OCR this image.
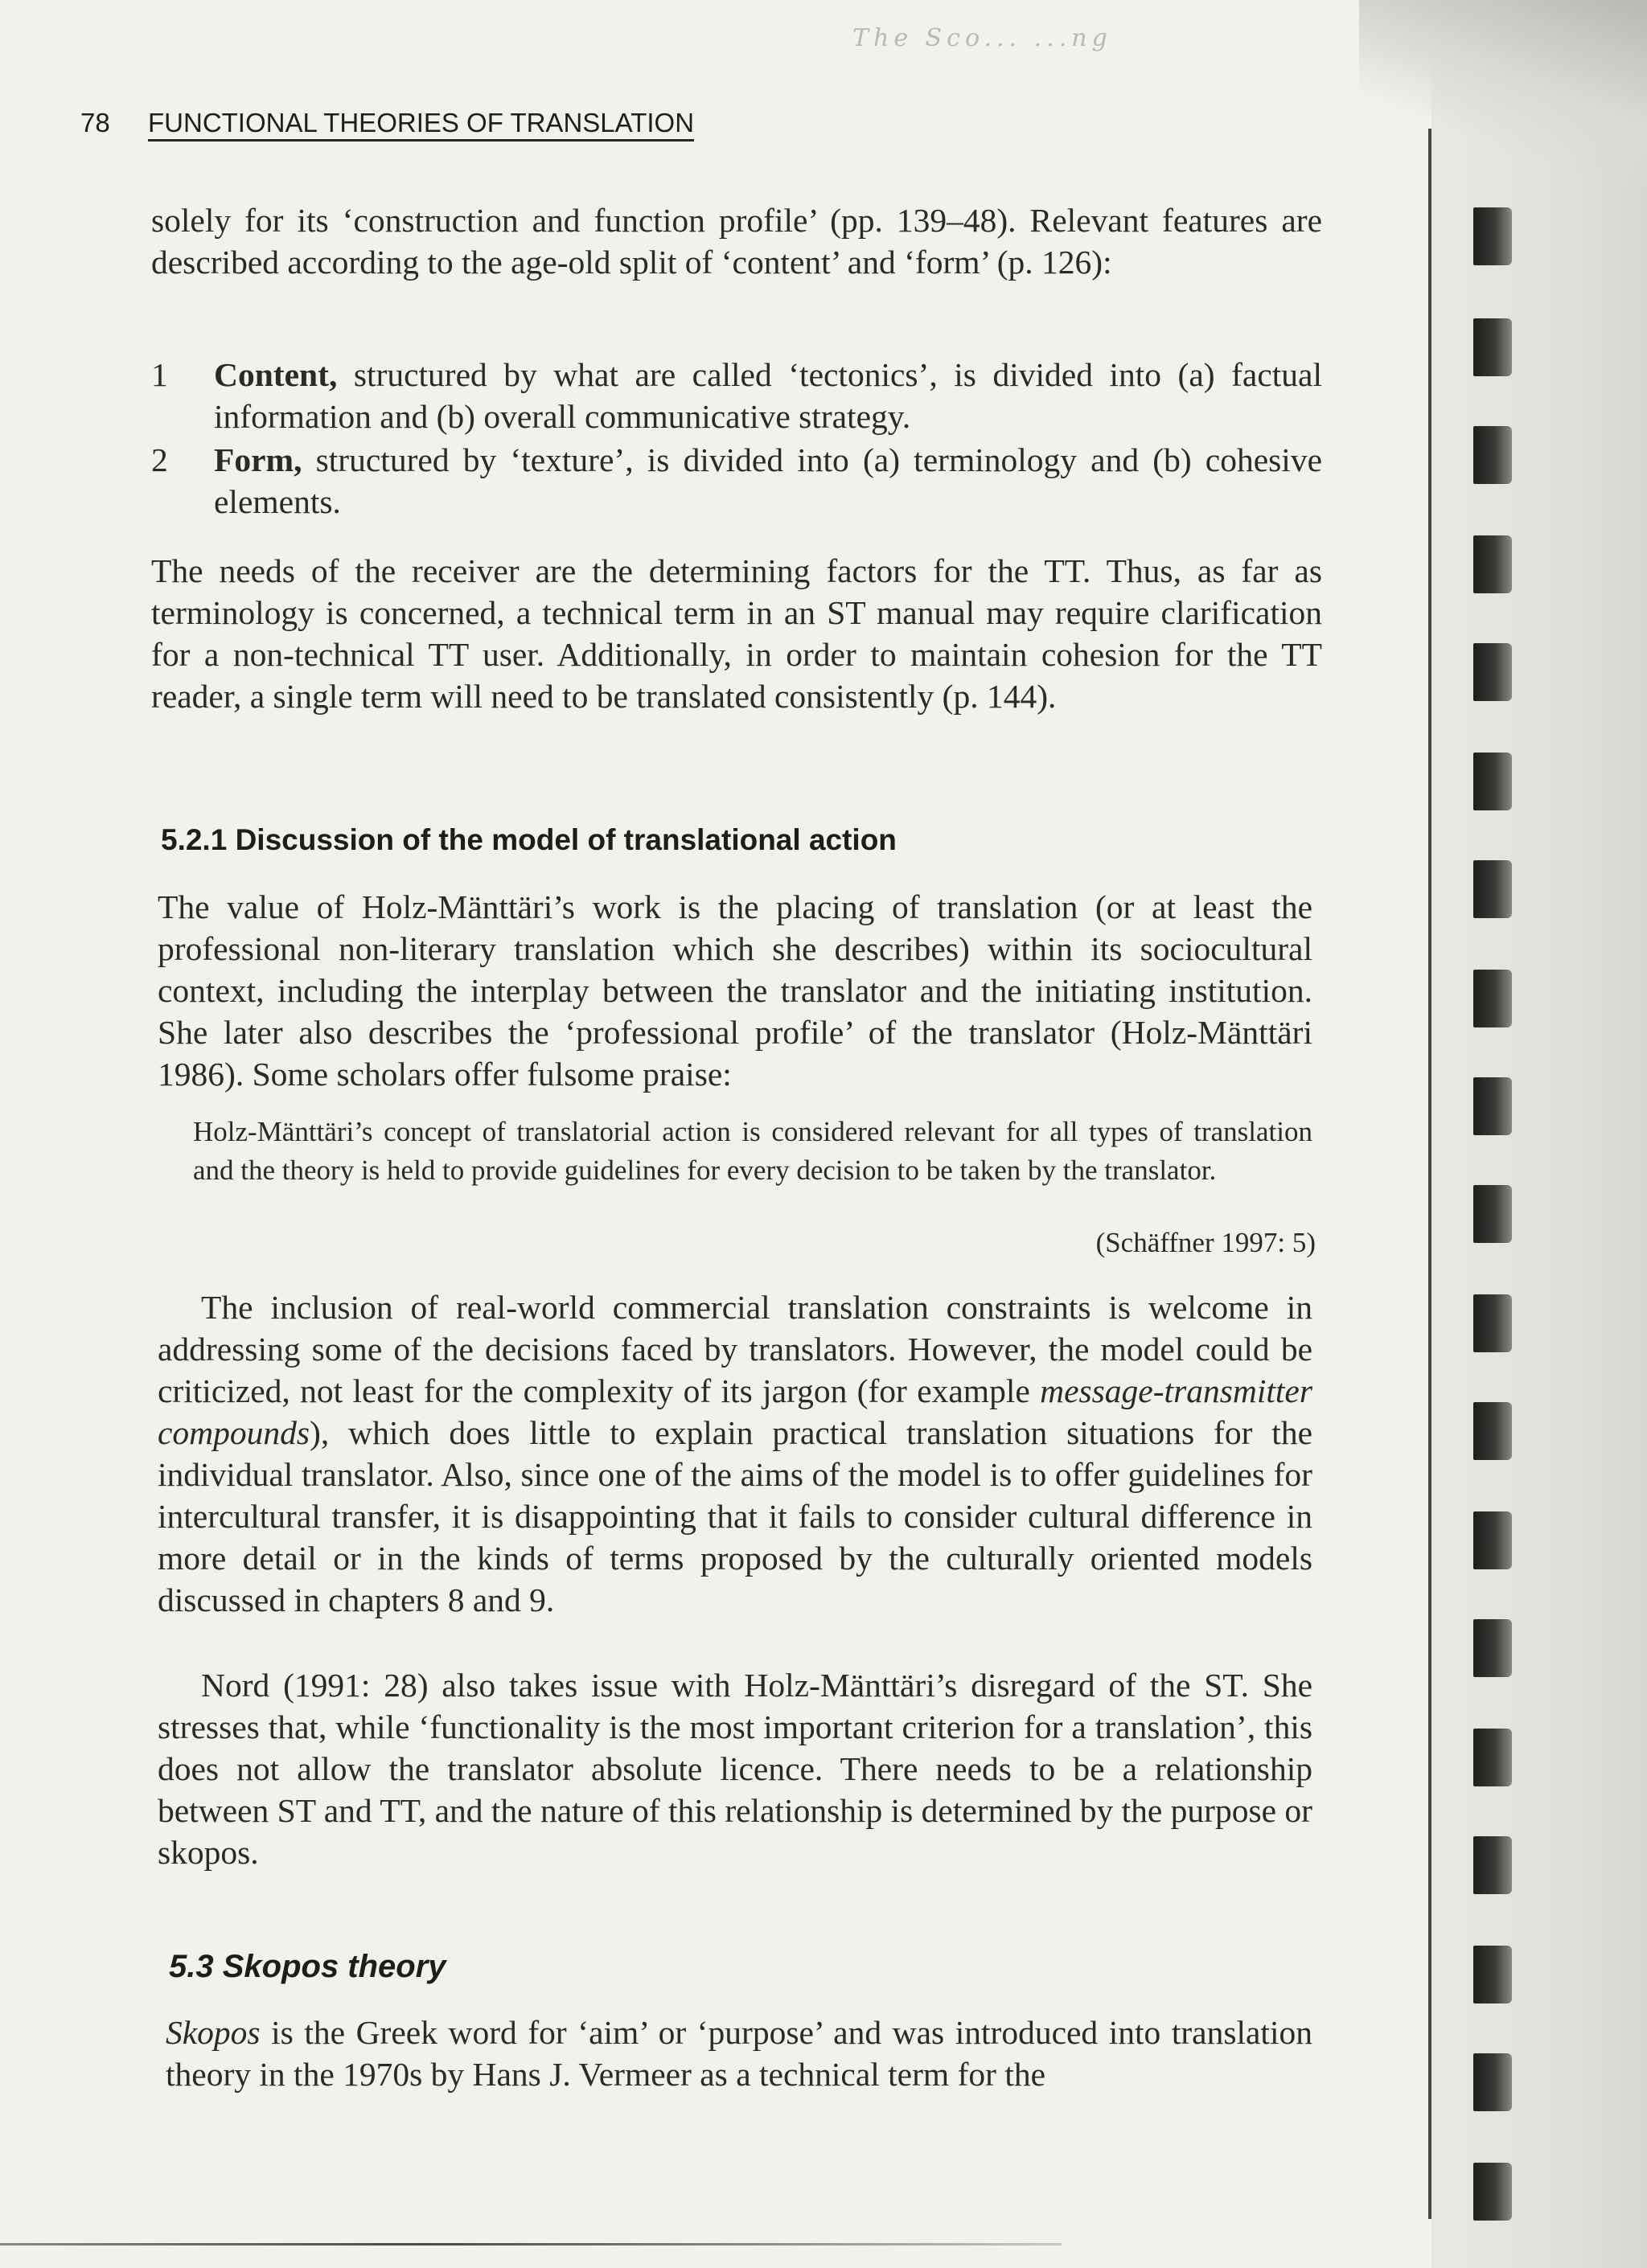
The Sco... ...ng
78 FUNCTIONAL THEORIES OF TRANSLATION

solely for its ‘construction and function profile’ (pp. 139–48). Relevant features are described according to the age-old split of ‘content’ and ‘form’ (p. 126):

1 Content, structured by what are called ‘tectonics’, is divided into (a) factual information and (b) overall communicative strategy.
2 Form, structured by ‘texture’, is divided into (a) terminology and (b) cohesive elements.

The needs of the receiver are the determining factors for the TT. Thus, as far as terminology is concerned, a technical term in an ST manual may require clarification for a non-technical TT user. Additionally, in order to maintain cohesion for the TT reader, a single term will need to be translated consistently (p. 144).

5.2.1 Discussion of the model of translational action

The value of Holz-Mänttäri’s work is the placing of translation (or at least the professional non-literary translation which she describes) within its sociocultural context, including the interplay between the translator and the initiating institution. She later also describes the ‘professional profile’ of the translator (Holz-Mänttäri 1986). Some scholars offer fulsome praise:

Holz-Mänttäri’s concept of translatorial action is considered relevant for all types of translation and the theory is held to provide guidelines for every decision to be taken by the translator.
(Schäffner 1997: 5)

The inclusion of real-world commercial translation constraints is welcome in addressing some of the decisions faced by translators. However, the model could be criticized, not least for the complexity of its jargon (for example message-transmitter compounds), which does little to explain practical translation situations for the individual translator. Also, since one of the aims of the model is to offer guidelines for intercultural transfer, it is disappointing that it fails to consider cultural difference in more detail or in the kinds of terms proposed by the culturally oriented models discussed in chapters 8 and 9.

Nord (1991: 28) also takes issue with Holz-Mänttäri’s disregard of the ST. She stresses that, while ‘functionality is the most important criterion for a translation’, this does not allow the translator absolute licence. There needs to be a relationship between ST and TT, and the nature of this relationship is determined by the purpose or skopos.

5.3 Skopos theory

Skopos is the Greek word for ‘aim’ or ‘purpose’ and was introduced into translation theory in the 1970s by Hans J. Vermeer as a technical term for the
